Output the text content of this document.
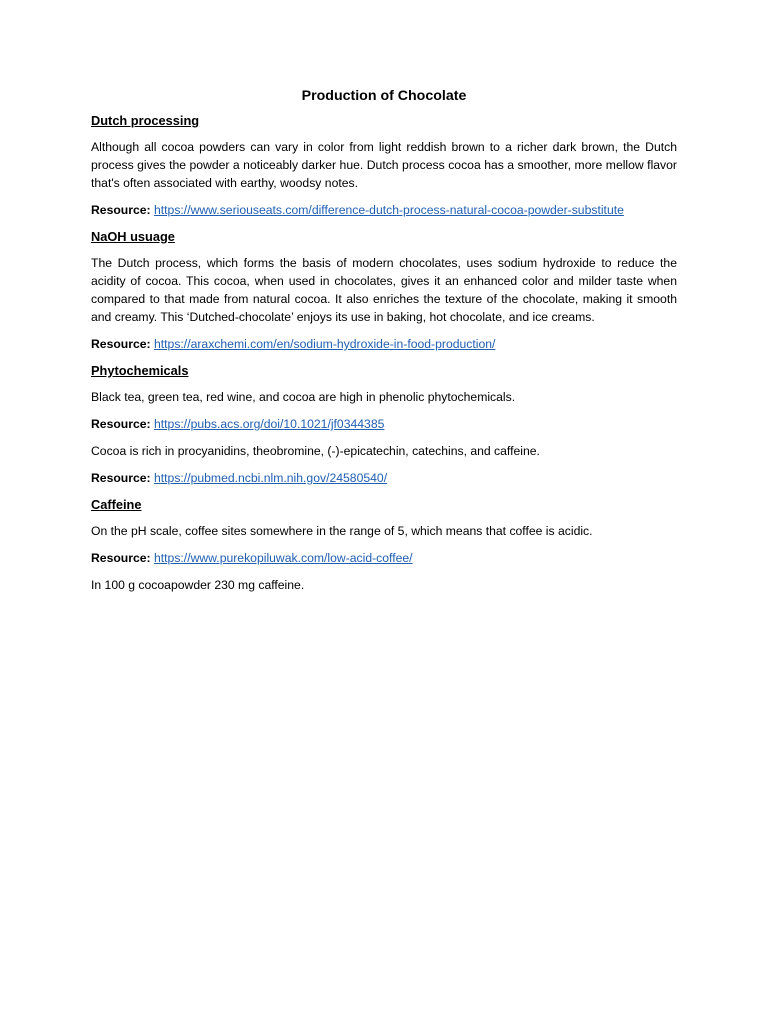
Production of Chocolate
Dutch processing

Although all cocoa powders can vary in color from light reddish brown to a richer dark brown, the Dutch process gives the powder a noticeably darker hue. Dutch process cocoa has a smoother, more mellow flavor that's often associated with earthy, woodsy notes.

Resource: https://www.seriouseats.com/difference-dutch-process-natural-cocoa-powder-substitute

NaOH usuage

The Dutch process, which forms the basis of modern chocolates, uses sodium hydroxide to reduce the acidity of cocoa. This cocoa, when used in chocolates, gives it an enhanced color and milder taste when compared to that made from natural cocoa. It also enriches the texture of the chocolate, making it smooth and creamy. This ‘Dutched-chocolate’ enjoys its use in baking, hot chocolate, and ice creams.

Resource: https://araxchemi.com/en/sodium-hydroxide-in-food-production/

Phytochemicals

Black tea, green tea, red wine, and cocoa are high in phenolic phytochemicals.

Resource: https://pubs.acs.org/doi/10.1021/jf0344385

Cocoa is rich in procyanidins, theobromine, (-)-epicatechin, catechins, and caffeine.

Resource: https://pubmed.ncbi.nlm.nih.gov/24580540/

Caffeine

On the pH scale, coffee sites somewhere in the range of 5, which means that coffee is acidic.

Resource: https://www.purekopiluwak.com/low-acid-coffee/

In 100 g cocoapowder 230 mg caffeine.
